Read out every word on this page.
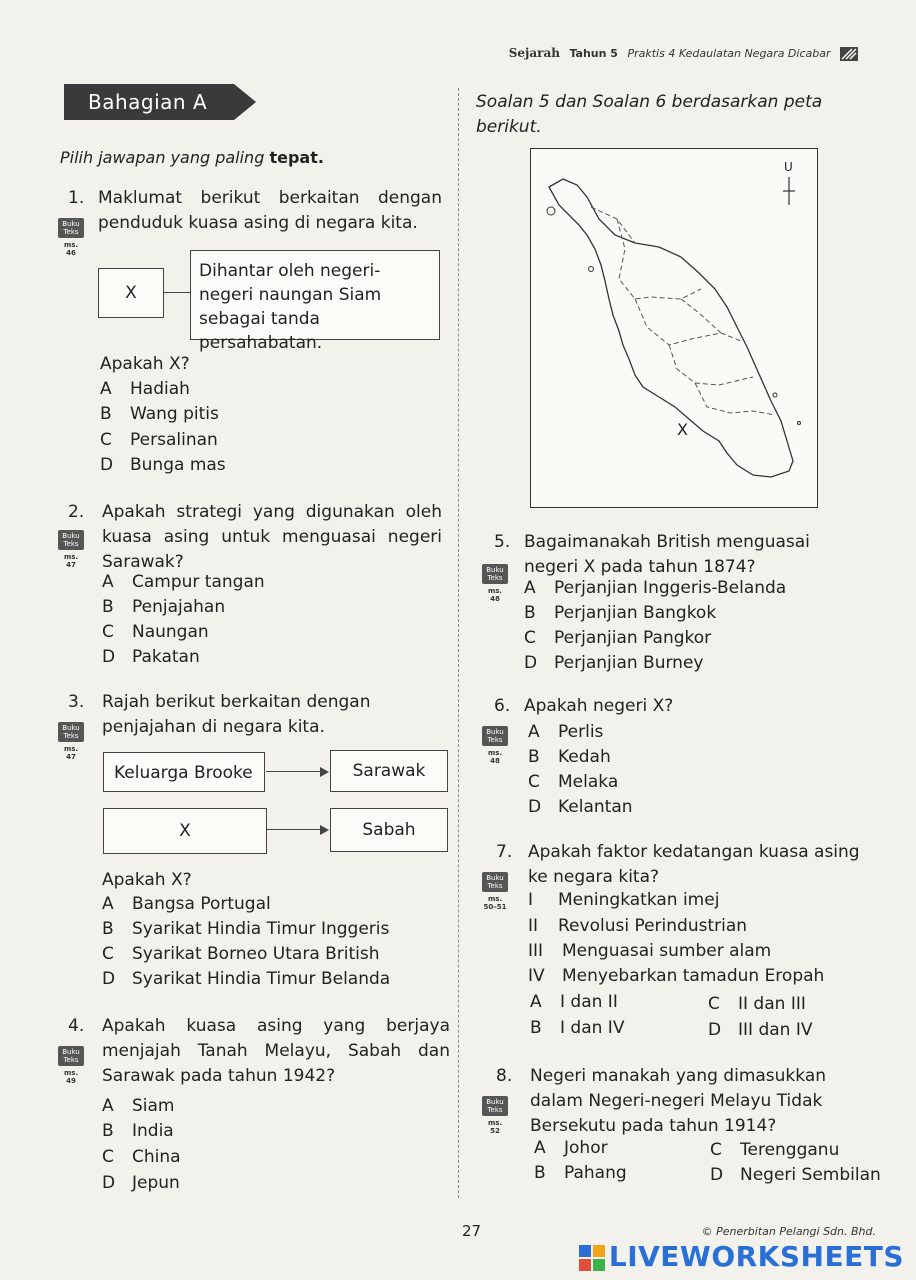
Sejarah Tahun 5 Praktis 4 Kedaulatan Negara Dicabar
Bahagian A
Pilih jawapan yang paling tepat.
1. Maklumat berikut berkaitan dengan penduduk kuasa asing di negara kita.
Buku Teks
ms. 46
X
Dihantar oleh negeri-negeri naungan Siam sebagai tanda persahabatan.
Apakah X?
A Hadiah
B Wang pitis
C Persalinan
D Bunga mas
2. Apakah strategi yang digunakan oleh kuasa asing untuk menguasai negeri Sarawak?
Buku Teks
ms. 47
A Campur tangan
B Penjajahan
C Naungan
D Pakatan
3. Rajah berikut berkaitan dengan penjajahan di negara kita.
Buku Teks
ms. 47
Keluarga Brooke	Sarawak
X	Sabah
Apakah X?
A Bangsa Portugal
B Syarikat Hindia Timur Inggeris
C Syarikat Borneo Utara British
D Syarikat Hindia Timur Belanda
4. Apakah kuasa asing yang berjaya menjajah Tanah Melayu, Sabah dan Sarawak pada tahun 1942?
Buku Teks
ms. 49
A Siam
B India
C China
D Jepun
Soalan 5 dan Soalan 6 berdasarkan peta berikut.
U
X
5. Bagaimanakah British menguasai negeri X pada tahun 1874?
Buku Teks
ms. 48
A Perjanjian Inggeris-Belanda
B Perjanjian Bangkok
C Perjanjian Pangkor
D Perjanjian Burney
6. Apakah negeri X?
Buku Teks
ms. 48
A Perlis
B Kedah
C Melaka
D Kelantan
7. Apakah faktor kedatangan kuasa asing ke negara kita?
Buku Teks
ms. 50–51 I Meningkatkan imej
II Revolusi Perindustrian
III Menguasai sumber alam
IV Menyebarkan tamadun Eropah
A I dan II
B I dan IV
C II dan III
D III dan IV
8. Negeri manakah yang dimasukkan dalam Negeri-negeri Melayu Tidak Bersekutu pada tahun 1914?
Buku Teks
ms. 52
A Johor
B Pahang
C Terengganu
D Negeri Sembilan
27	© Penerbitan Pelangi Sdn. Bhd.
LIVEWORKSHEETS
